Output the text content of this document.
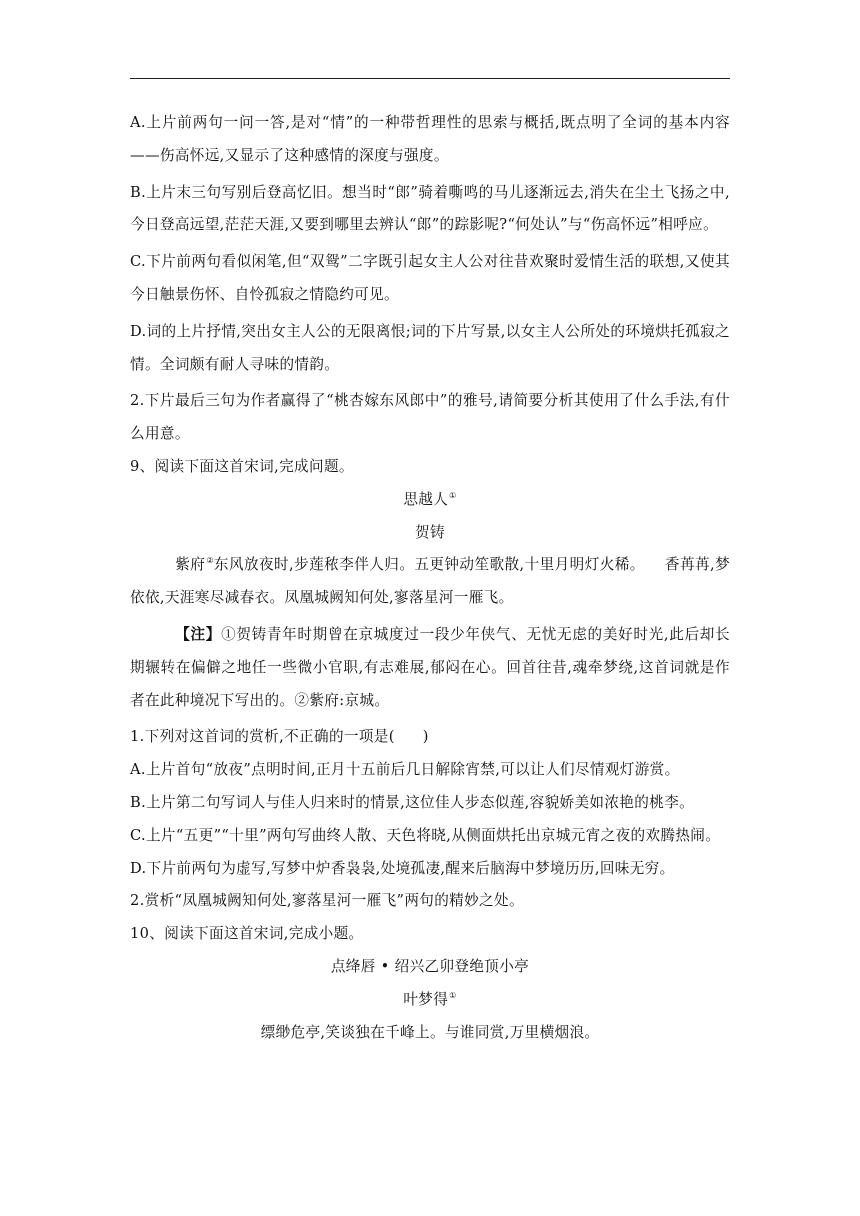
A.上片前两句一问一答,是对“情”的一种带哲理性的思索与概括,既点明了全词的基本内容——伤高怀远,又显示了这种感情的深度与强度。

B.上片末三句写别后登高忆旧。想当时“郎”骑着嘶鸣的马儿逐渐远去,消失在尘土飞扬之中,今日登高远望,茫茫天涯,又要到哪里去辨认“郎”的踪影呢?“何处认”与“伤高怀远”相呼应。

C.下片前两句看似闲笔,但“双鸳”二字既引起女主人公对往昔欢聚时爱情生活的联想,又使其今日触景伤怀、自怜孤寂之情隐约可见。

D.词的上片抒情,突出女主人公的无限离恨;词的下片写景,以女主人公所处的环境烘托孤寂之情。全词颇有耐人寻味的情韵。

2.下片最后三句为作者赢得了“桃杏嫁东风郎中”的雅号,请简要分析其使用了什么手法,有什么用意。

9、阅读下面这首宋词,完成问题。

思越人①

贺铸

紫府②东风放夜时,步莲秾李伴人归。五更钟动笙歌散,十里月明灯火稀。 香苒苒,梦依依,天涯寒尽减春衣。凤凰城阙知何处,寥落星河一雁飞。

【注】①贺铸青年时期曾在京城度过一段少年侠气、无忧无虑的美好时光,此后却长期辗转在偏僻之地任一些微小官职,有志难展,郁闷在心。回首往昔,魂牵梦绕,这首词就是作者在此种境况下写出的。②紫府:京城。

1.下列对这首词的赏析,不正确的一项是( )

A.上片首句“放夜”点明时间,正月十五前后几日解除宵禁,可以让人们尽情观灯游赏。

B.上片第二句写词人与佳人归来时的情景,这位佳人步态似莲,容貌娇美如浓艳的桃李。

C.上片“五更”“十里”两句写曲终人散、天色将晓,从侧面烘托出京城元宵之夜的欢腾热闹。

D.下片前两句为虚写,写梦中炉香袅袅,处境孤凄,醒来后脑海中梦境历历,回味无穷。

2.赏析“凤凰城阙知何处,寥落星河一雁飞”两句的精妙之处。

10、阅读下面这首宋词,完成小题。

点绛唇 • 绍兴乙卯登绝顶小亭

叶梦得①

缥缈危亭,笑谈独在千峰上。与谁同赏,万里横烟浪。
